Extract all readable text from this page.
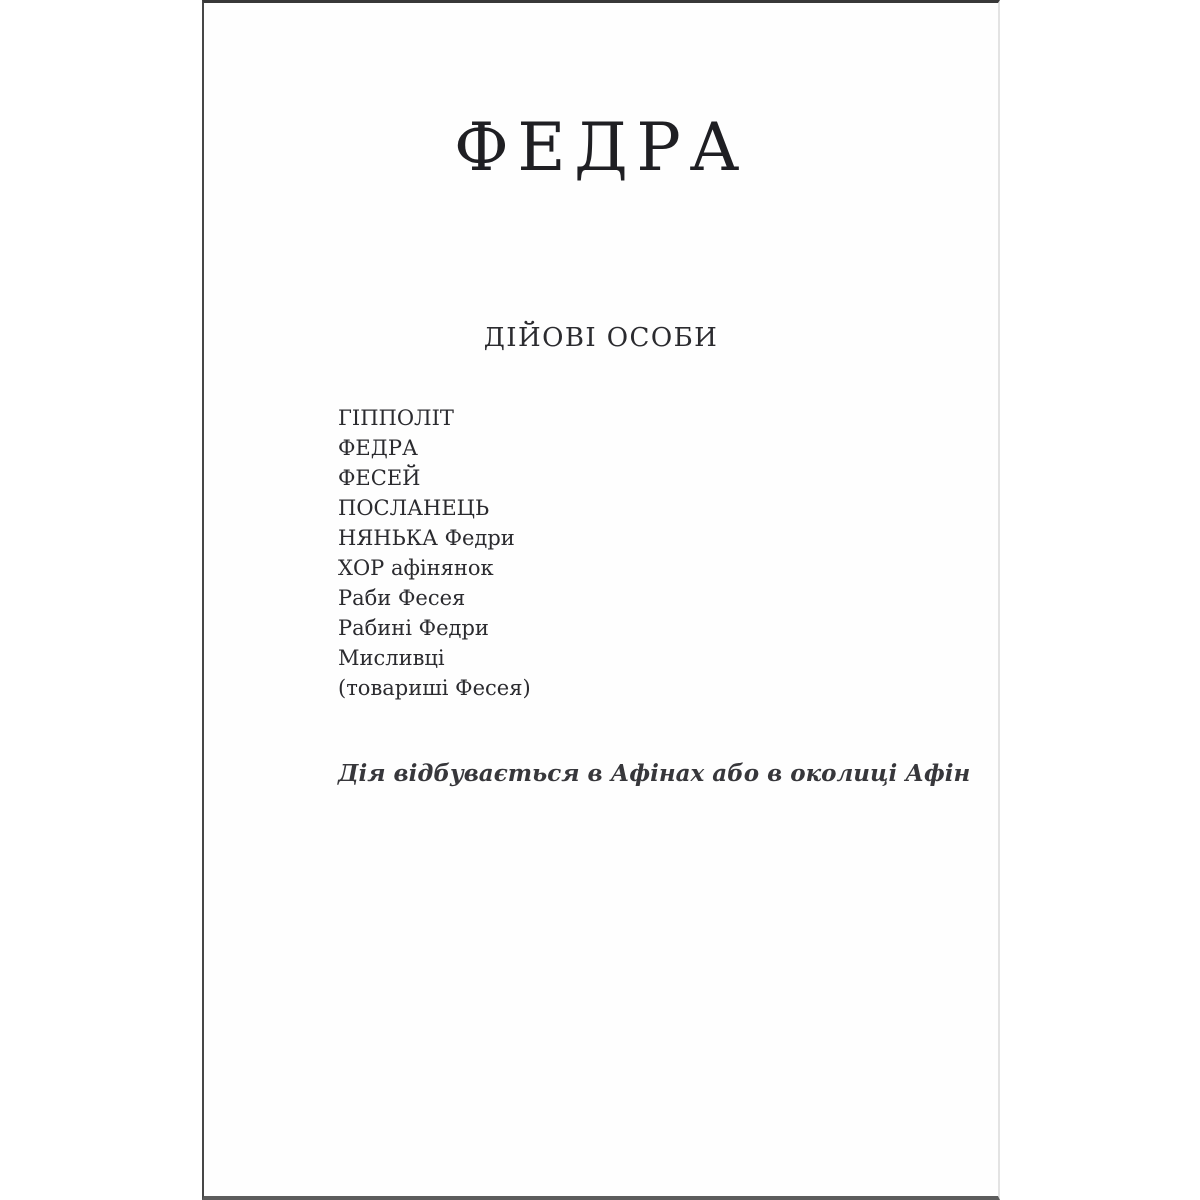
ФЕДРА
ДІЙОВІ ОСОБИ
ГІППОЛІТ
ФЕДРА
ФЕСЕЙ
ПОСЛАНЕЦЬ
НЯНЬКА Федри
ХОР афінянок
Раби Фесея
Рабині Федри
Мисливці
(товариші Фесея)
Дія відбувається в Афінах або в околиці Афін
